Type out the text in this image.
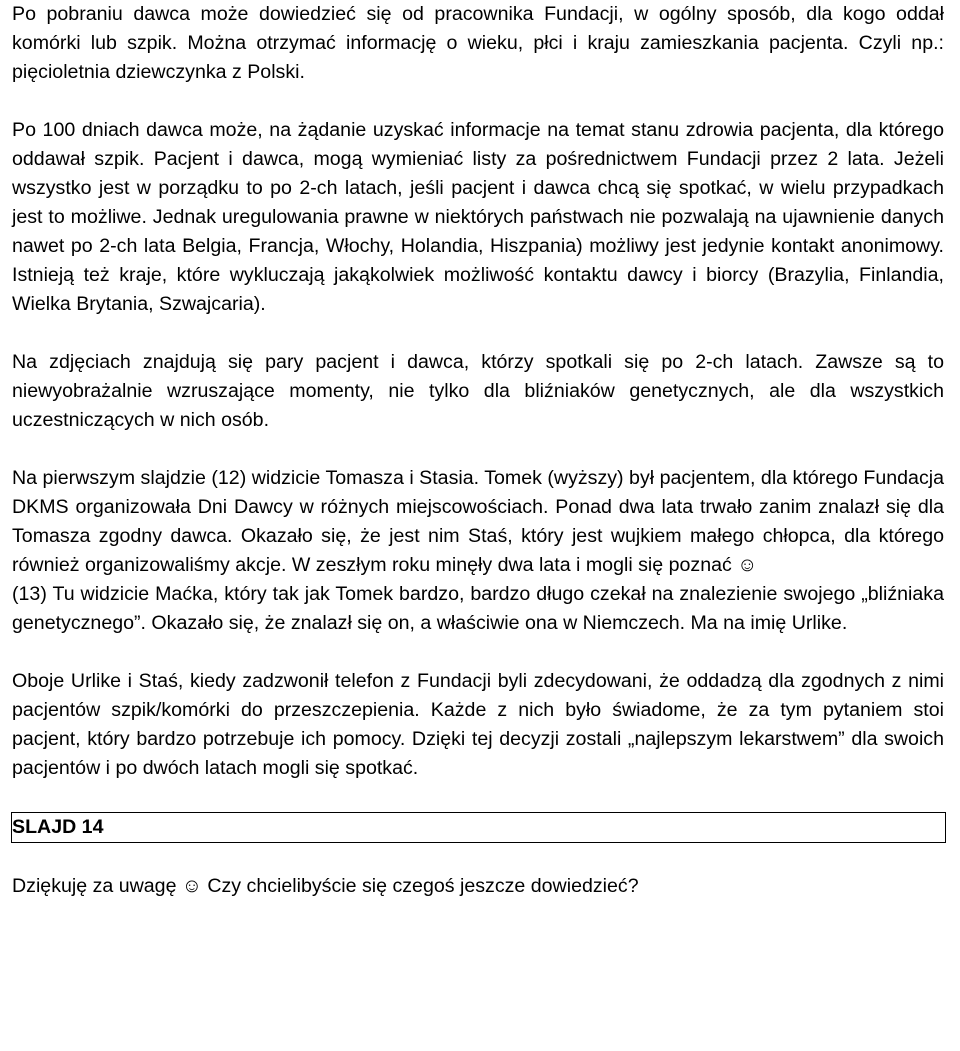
Po pobraniu dawca może dowiedzieć się od pracownika Fundacji, w ogólny sposób, dla kogo oddał komórki lub szpik. Można otrzymać informację o wieku, płci i kraju zamieszkania pacjenta. Czyli np.: pięcioletnia dziewczynka z Polski.

Po 100 dniach dawca może, na żądanie uzyskać informacje na temat stanu zdrowia pacjenta, dla którego oddawał szpik. Pacjent i dawca, mogą wymieniać listy za pośrednictwem Fundacji przez 2 lata. Jeżeli wszystko jest w porządku to po 2-ch latach, jeśli pacjent i dawca chcą się spotkać, w wielu przypadkach jest to możliwe. Jednak uregulowania prawne w niektórych państwach nie pozwalają na ujawnienie danych nawet po 2-ch lata Belgia, Francja, Włochy, Holandia, Hiszpania) możliwy jest jedynie kontakt anonimowy. Istnieją też kraje, które wykluczają jakąkolwiek możliwość kontaktu dawcy i biorcy (Brazylia, Finlandia, Wielka Brytania, Szwajcaria).

Na zdjęciach znajdują się pary pacjent i dawca, którzy spotkali się po 2-ch latach. Zawsze są to niewyobrażalnie wzruszające momenty, nie tylko dla bliźniaków genetycznych, ale dla wszystkich uczestniczących w nich osób.

Na pierwszym slajdzie (12) widzicie Tomasza i Stasia. Tomek (wyższy) był pacjentem, dla którego Fundacja DKMS organizowała Dni Dawcy w różnych miejscowościach. Ponad dwa lata trwało zanim znalazł się dla Tomasza zgodny dawca. Okazało się, że jest nim Staś, który jest wujkiem małego chłopca, dla którego również organizowaliśmy akcje. W zeszłym roku minęły dwa lata i mogli się poznać ☺

(13) Tu widzicie Maćka, który tak jak Tomek bardzo, bardzo długo czekał na znalezienie swojego „bliźniaka genetycznego”. Okazało się, że znalazł się on, a właściwie ona w Niemczech. Ma na imię Urlike.

Oboje Urlike i Staś, kiedy zadzwonił telefon z Fundacji byli zdecydowani, że oddadzą dla zgodnych z nimi pacjentów szpik/komórki do przeszczepienia. Każde z nich było świadome, że za tym pytaniem stoi pacjent, który bardzo potrzebuje ich pomocy. Dzięki tej decyzji zostali „najlepszym lekarstwem” dla swoich pacjentów i po dwóch latach mogli się spotkać.

SLAJD 14

Dziękuję za uwagę ☺ Czy chcielibyście się czegoś jeszcze dowiedzieć?
